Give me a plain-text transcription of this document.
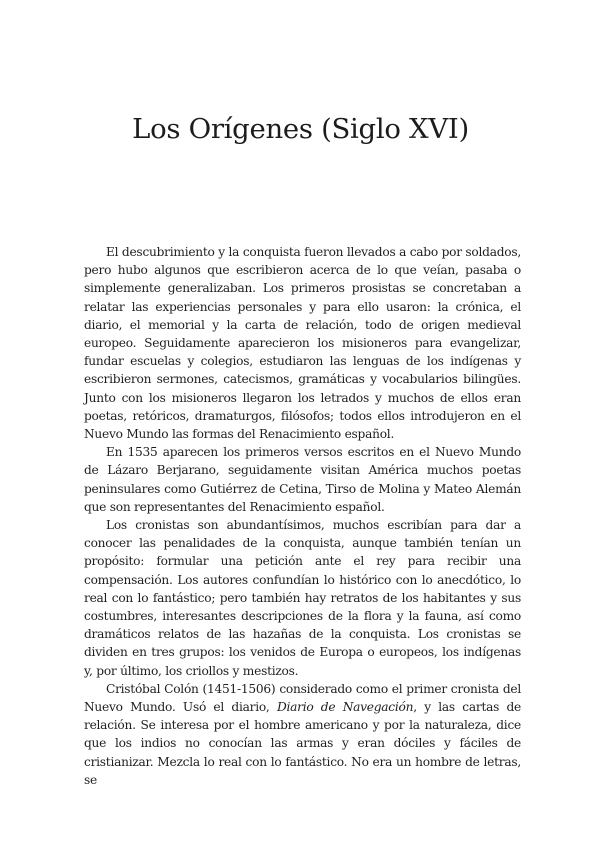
Los Orígenes (Siglo XVI)

El descubrimiento y la conquista fueron llevados a cabo por soldados, pero hubo algunos que escribieron acerca de lo que veían, pasaba o simplemente generalizaban. Los primeros prosistas se concretaban a relatar las experiencias personales y para ello usaron: la crónica, el diario, el memorial y la carta de relación, todo de origen medieval europeo. Seguidamente aparecieron los misioneros para evangelizar, fundar escuelas y colegios, estudiaron las lenguas de los indígenas y escribieron sermones, catecismos, gramáticas y vocabularios bilingües. Junto con los misioneros llegaron los letrados y muchos de ellos eran poetas, retóricos, dramaturgos, filósofos; todos ellos introdujeron en el Nuevo Mundo las formas del Renacimiento español.

En 1535 aparecen los primeros versos escritos en el Nuevo Mundo de Lázaro Berjarano, seguidamente visitan América muchos poetas peninsulares como Gutiérrez de Cetina, Tirso de Molina y Mateo Alemán que son representantes del Renacimiento español.

Los cronistas son abundantísimos, muchos escribían para dar a conocer las penalidades de la conquista, aunque también tenían un propósito: formular una petición ante el rey para recibir una compensación. Los autores confundían lo histórico con lo anecdótico, lo real con lo fantástico; pero también hay retratos de los habitantes y sus costumbres, interesantes descripciones de la flora y la fauna, así como dramáticos relatos de las hazañas de la conquista. Los cronistas se dividen en tres grupos: los venidos de Europa o europeos, los indígenas y, por último, los criollos y mestizos.

Cristóbal Colón (1451-1506) considerado como el primer cronista del Nuevo Mundo. Usó el diario, Diario de Navegación, y las cartas de relación. Se interesa por el hombre americano y por la naturaleza, dice que los indios no conocían las armas y eran dóciles y fáciles de cristianizar. Mezcla lo real con lo fantástico. No era un hombre de letras, se
